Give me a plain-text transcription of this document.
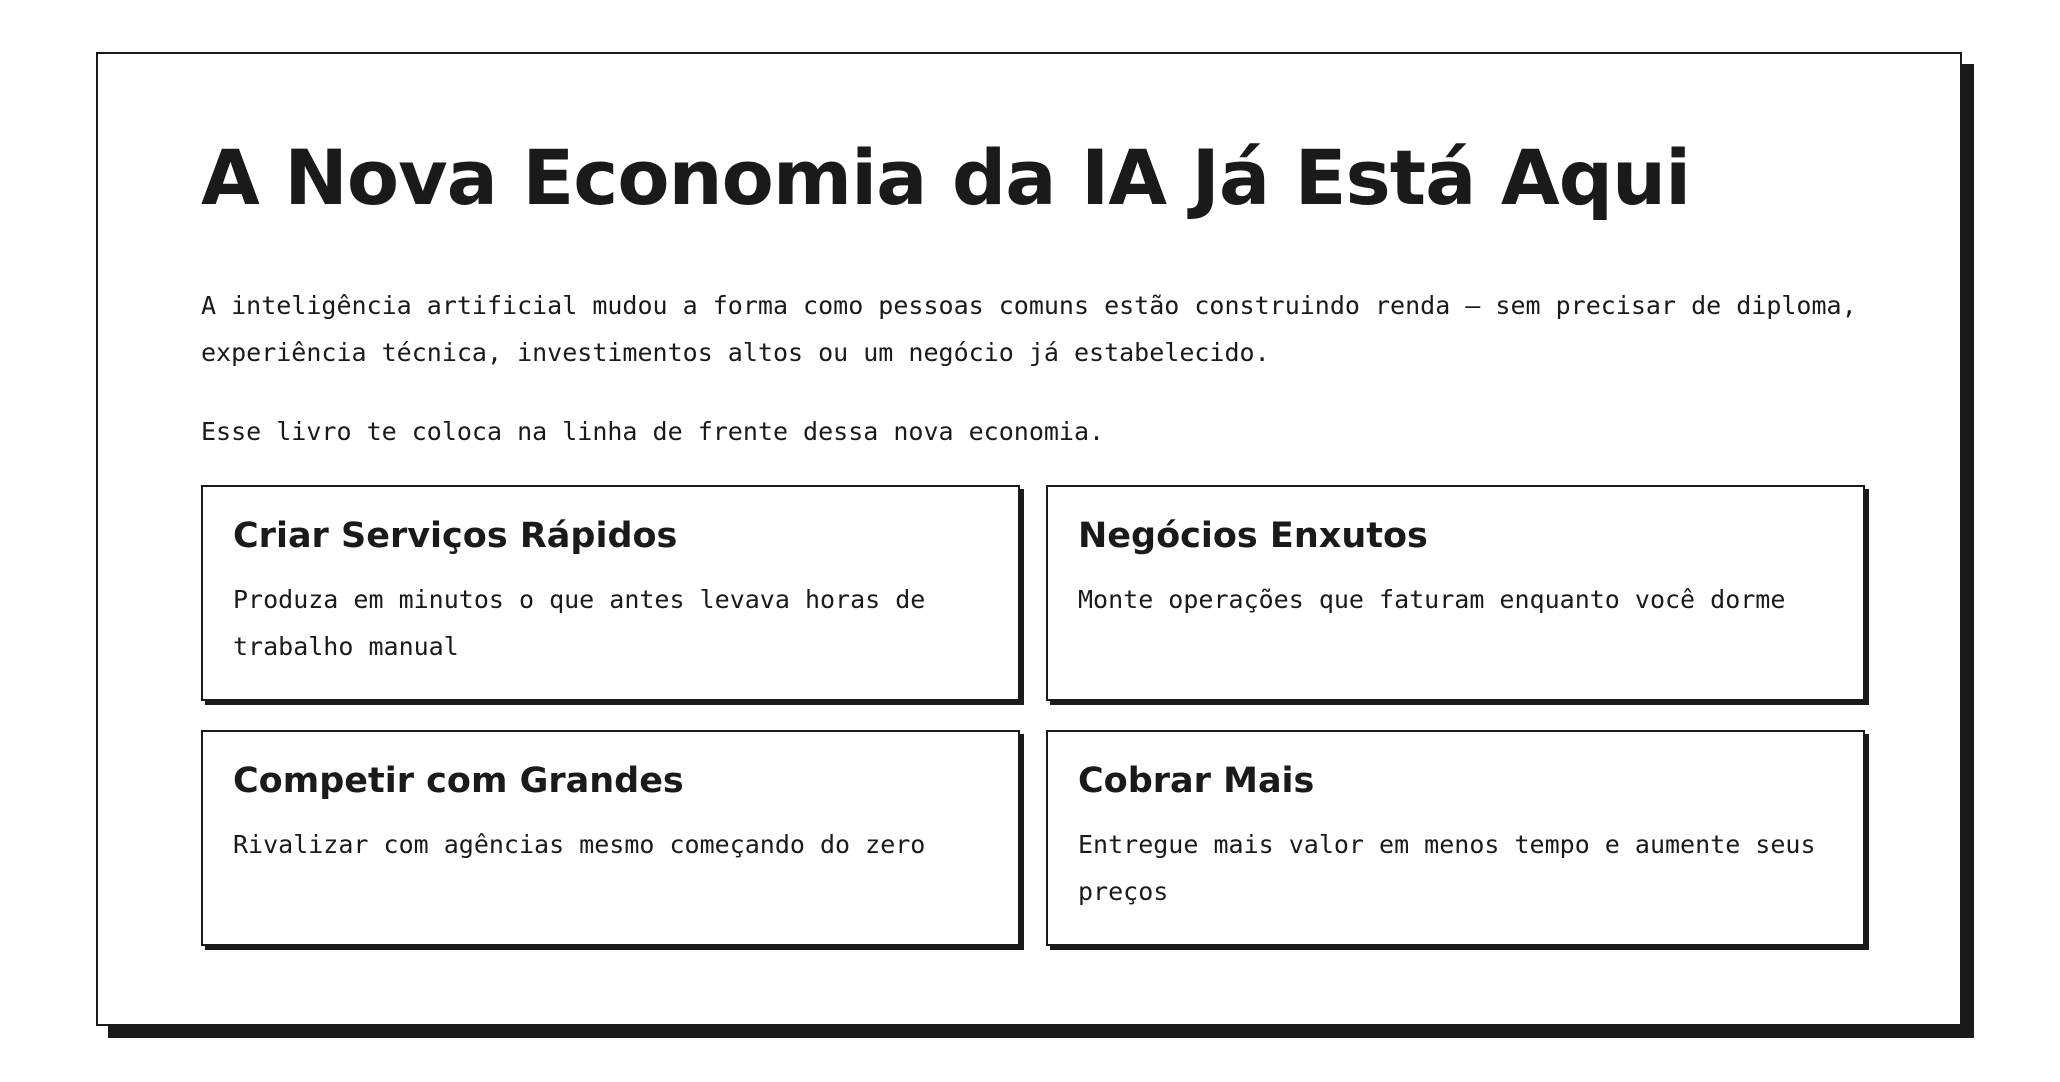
A Nova Economia da IA Já Está Aqui

A inteligência artificial mudou a forma como pessoas comuns estão construindo renda — sem precisar de diploma, experiência técnica, investimentos altos ou um negócio já estabelecido.

Esse livro te coloca na linha de frente dessa nova economia.

Criar Serviços Rápidos

Produza em minutos o que antes levava horas de trabalho manual

Negócios Enxutos

Monte operações que faturam enquanto você dorme

Competir com Grandes

Rivalizar com agências mesmo começando do zero

Cobrar Mais

Entregue mais valor em menos tempo e aumente seus preços
